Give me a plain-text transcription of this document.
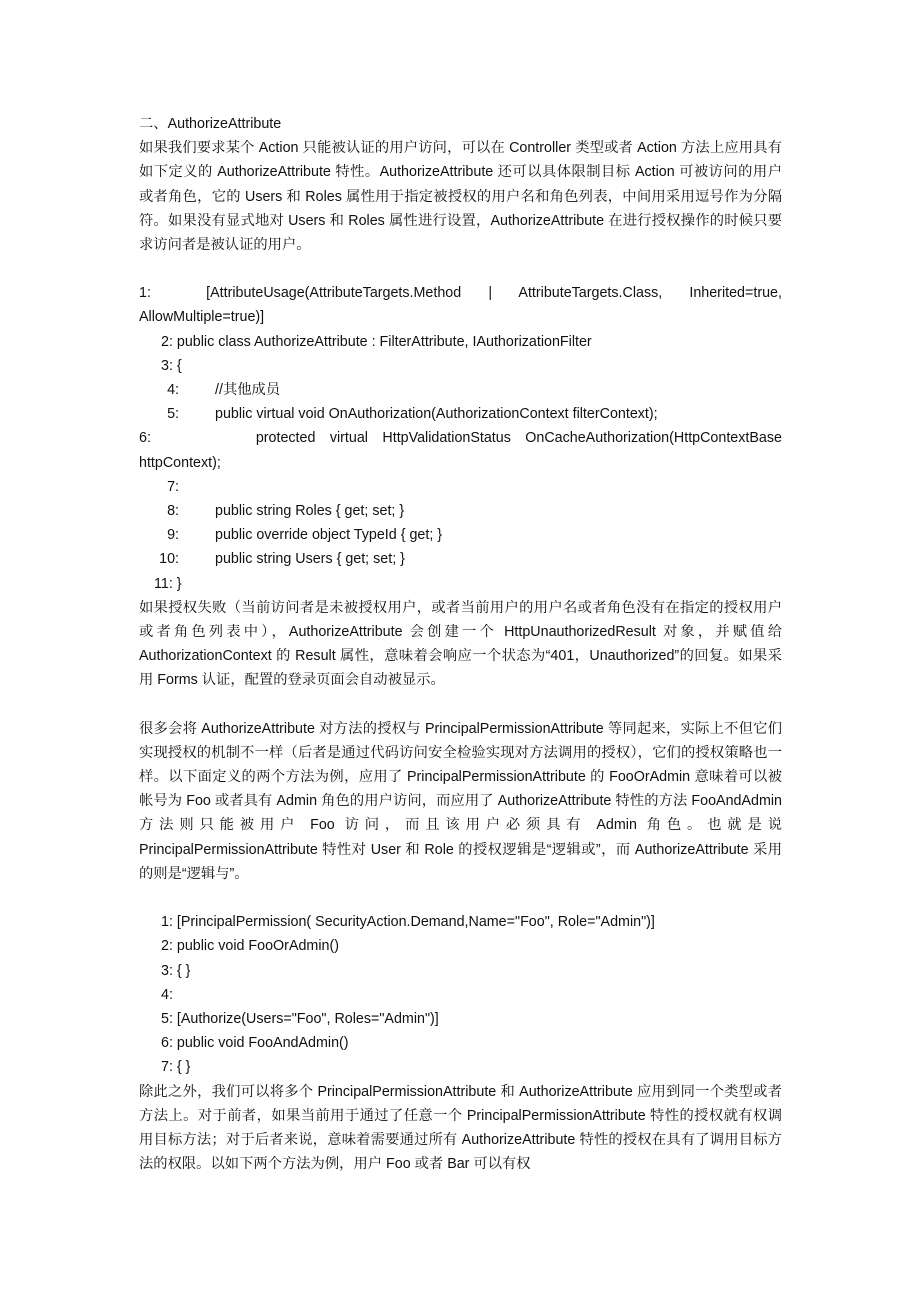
二、AuthorizeAttribute

如果我们要求某个 Action 只能被认证的用户访问，可以在 Controller 类型或者 Action 方法上应用具有如下定义的 AuthorizeAttribute 特性。AuthorizeAttribute 还可以具体限制目标 Action 可被访问的用户或者角色，它的 Users 和 Roles 属性用于指定被授权的用户名和角色列表，中间用采用逗号作为分隔符。如果没有显式地对 Users 和 Roles 属性进行设置，AuthorizeAttribute 在进行授权操作的时候只要求访问者是被认证的用户。

1:	[AttributeUsage(AttributeTargets.Method | AttributeTargets.Class, Inherited=true,

AllowMultiple=true)]

2: public class AuthorizeAttribute : FilterAttribute, IAuthorizationFilter

3: {

4:	//其他成员

5:	public virtual void OnAuthorization(AuthorizationContext filterContext);

6:	protected virtual HttpValidationStatus OnCacheAuthorization(HttpContextBase

httpContext);

7:

8:	public string Roles { get; set; }

9:	public override object TypeId { get; }

10:	public string Users { get; set; }

11: }

如果授权失败（当前访问者是未被授权用户，或者当前用户的用户名或者角色没有在指定的授权用户或者角色列表中），AuthorizeAttribute 会创建一个 HttpUnauthorizedResult 对象，并赋值给 AuthorizationContext 的 Result 属性，意味着会响应一个状态为“401，Unauthorized”的回复。如果采用 Forms 认证，配置的登录页面会自动被显示。

很多会将 AuthorizeAttribute 对方法的授权与 PrincipalPermissionAttribute 等同起来，实际上不但它们实现授权的机制不一样（后者是通过代码访问安全检验实现对方法调用的授权），它们的授权策略也一样。以下面定义的两个方法为例，应用了 PrincipalPermissionAttribute 的 FooOrAdmin 意味着可以被帐号为 Foo 或者具有 Admin 角色的用户访问，而应用了 AuthorizeAttribute 特性的方法 FooAndAdmin 方法则只能被用户 Foo 访问，而且该用户必须具有 Admin 角色。也就是说 PrincipalPermissionAttribute 特性对 User 和 Role 的授权逻辑是“逻辑或”，而 AuthorizeAttribute 采用的则是“逻辑与”。

1: [PrincipalPermission( SecurityAction.Demand,Name="Foo", Role="Admin")]

2: public void FooOrAdmin()

3: { }

4:

5: [Authorize(Users="Foo", Roles="Admin")]

6: public void FooAndAdmin()

7: { }

除此之外，我们可以将多个 PrincipalPermissionAttribute 和 AuthorizeAttribute 应用到同一个类型或者方法上。对于前者，如果当前用于通过了任意一个 PrincipalPermissionAttribute 特性的授权就有权调用目标方法；对于后者来说，意味着需要通过所有 AuthorizeAttribute 特性的授权在具有了调用目标方法的权限。以如下两个方法为例，用户 Foo 或者 Bar 可以有权
